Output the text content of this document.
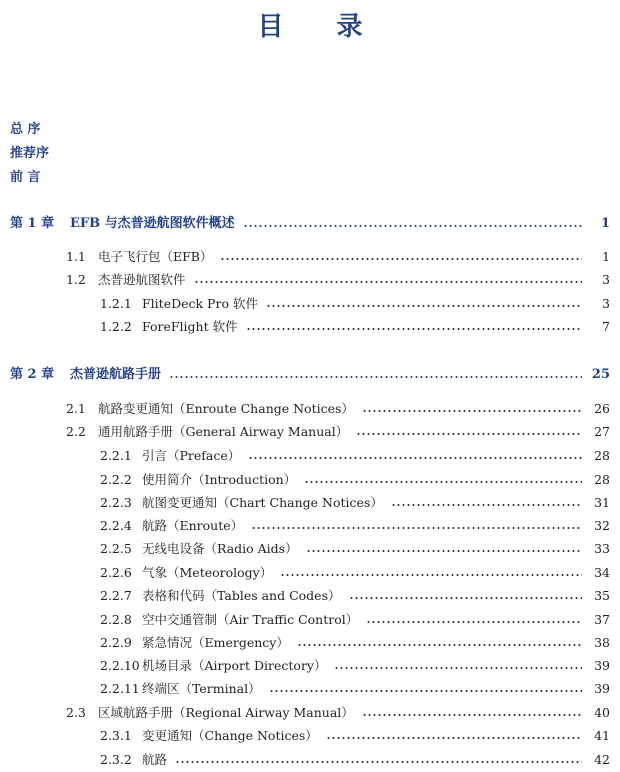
目 录
总 序
推荐序
前 言
第 1 章	EFB 与杰普逊航图软件概述	1
1.1 电子飞行包（EFB）	1
1.2 杰普逊航图软件	3
1.2.1 FliteDeck Pro 软件	3
1.2.2 ForeFlight 软件	7
第 2 章	杰普逊航路手册	25
2.1 航路变更通知（Enroute Change Notices）	26
2.2 通用航路手册（General Airway Manual）	27
2.2.1 引言（Preface）	28
2.2.2 使用简介（Introduction）	28
2.2.3 航图变更通知（Chart Change Notices）	31
2.2.4 航路（Enroute）	32
2.2.5 无线电设备（Radio Aids）	33
2.2.6 气象（Meteorology）	34
2.2.7 表格和代码（Tables and Codes）	35
2.2.8 空中交通管制（Air Traffic Control）	37
2.2.9 紧急情况（Emergency）	38
2.2.10 机场目录（Airport Directory）	39
2.2.11 终端区（Terminal）	39
2.3 区域航路手册（Regional Airway Manual）	40
2.3.1 变更通知（Change Notices）	41
2.3.2 航路	42
